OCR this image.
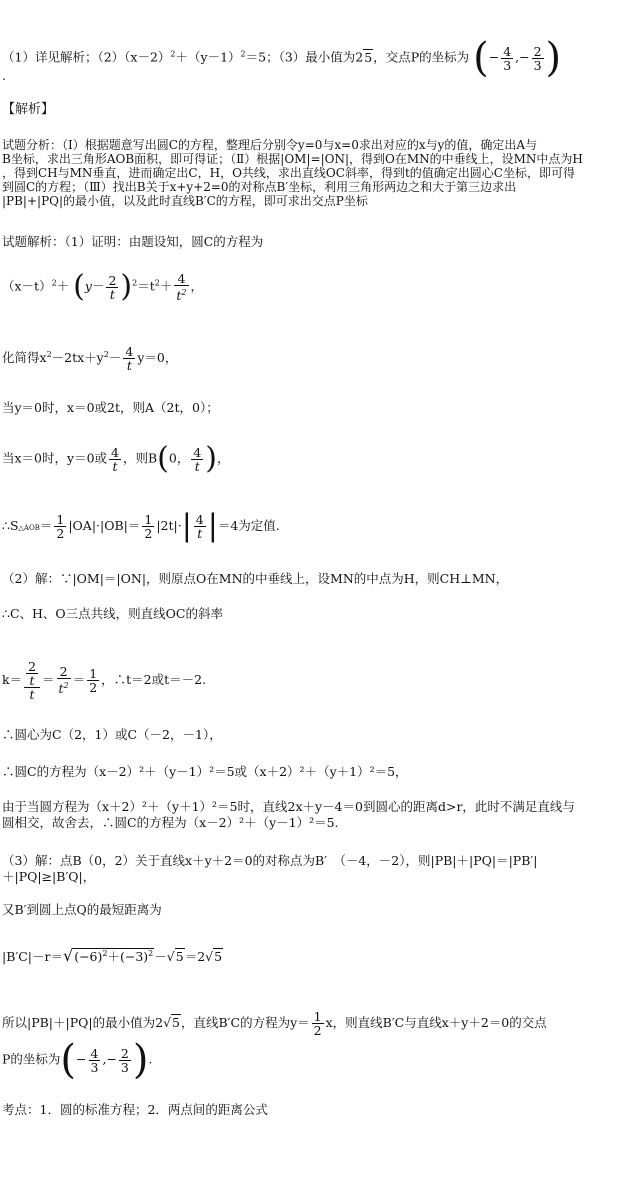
（1）详见解析；$(2)(x-2)^2+(y-1)^2=5$；（3）最小值为25，交点P的坐标为 (− $\frac{4}{3}$ ,− $\frac{2}{3}$ )
.
【解析】
试题分析：（Ⅰ）根据题意写出圆C的方程，整理后分别令y=0与x=0求出对应的x与y的值，确定出A与
B坐标，求出三角形AOB面积，即可得证；（Ⅱ）根据|OM|=|ON|，得到O在MN的中垂线上，设MN中点为H
，得到CH与MN垂直，进而确定出C，H，O共线，求出直线OC斜率，得到t的值确定出圆心C坐标，即可得
到圆C的方程；（Ⅲ）找出B关于x+y+2=0的对称点B′坐标，利用三角形两边之和大于第三边求出
|PB|+|PQ|的最小值，以及此时直线B′C的方程，即可求出交点P坐标
试题解析：（1）证明：由题设知，圆C的方程为
$(x-t)^2+ (y- \frac{2}{t} )^2=t^2+ \frac{4}{t^2}$ ，
化简得$x^2-2tx+y^2- \frac{4}{t} y=0$，
当y＝0时，x＝0或2t，则A（2t，0）；
当x＝0时，y＝0或 $\frac{4}{t}$ ，则B(0， $\frac{4}{t}$ )，
∴S△AOB＝ $\frac{1}{2} |OA|\cdot|OB|= \frac{1}{2} |2t|\cdot| \frac{4}{t} |=4$为定值.
（2）解：∵|OM|＝|ON|，则原点O在MN的中垂线上，设MN的中点为H，则CH⊥MN，
∴C、H、O三点共线，则直线OC的斜率
$k= \frac{\frac{2}{t}}{t} = \frac{2}{t^2} = \frac{1}{2}$ ，∴t＝2或t＝－2.
∴圆心为C（2，1）或C（－2，－1），
∴圆C的方程为（x－2）²＋（y－1）²＝5或（x＋2）²＋（y＋1）²＝5，
由于当圆方程为（x＋2）²＋（y＋1）²＝5时，直线2x＋y－4＝0到圆心的距离d>r，此时不满足直线与
圆相交，故舍去，∴圆C的方程为（x－2）²＋（y－1）²＝5.
（3）解：点B（0，2）关于直线x＋y＋2＝0的对称点为B′　（－4，－2），则|PB|＋|PQ|＝|PB′|
＋|PQ|≥|B′Q|，
又B′到圆上点Q的最短距离为
$|B'C|-r=√(-6)^2+(-3)^2-√5=2√5$
所以|PB|＋|PQ|的最小值为2√5，直线B′C的方程为$y= \frac{1}{2}$ x，则直线B′C与直线x＋y＋2＝0的交点
P的坐标为(− $\frac{4}{3}$ ,− $\frac{2}{3}$ ).
考点：1．圆的标准方程；2．两点间的距离公式
